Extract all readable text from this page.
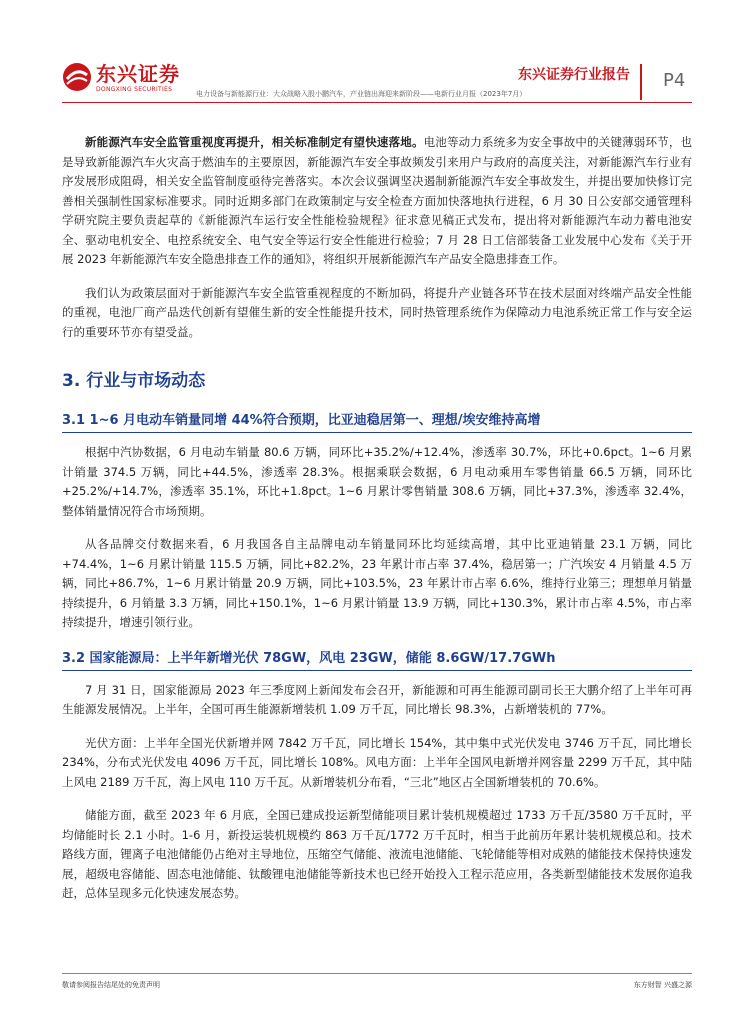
东兴证券
DONGXING SECURITIES
东兴证券行业报告
电力设备与新能源行业：大众战略入股小鹏汽车，产业链出海迎来新阶段——电新行业月报（2023年7月）
P4

新能源汽车安全监管重视度再提升，相关标准制定有望快速落地。电池等动力系统多为安全事故中的关键薄弱环节，也是导致新能源汽车火灾高于燃油车的主要原因，新能源汽车安全事故频发引来用户与政府的高度关注，对新能源汽车行业有序发展形成阻碍，相关安全监管制度亟待完善落实。本次会议强调坚决遏制新能源汽车安全事故发生，并提出要加快修订完善相关强制性国家标准要求。同时近期多部门在政策制定与安全检查方面加快落地执行进程，6 月 30 日公安部交通管理科学研究院主要负责起草的《新能源汽车运行安全性能检验规程》征求意见稿正式发布，提出将对新能源汽车动力蓄电池安全、驱动电机安全、电控系统安全、电气安全等运行安全性能进行检验；7 月 28 日工信部装备工业发展中心发布《关于开展 2023 年新能源汽车安全隐患排查工作的通知》，将组织开展新能源汽车产品安全隐患排查工作。

我们认为政策层面对于新能源汽车安全监管重视程度的不断加码，将提升产业链各环节在技术层面对终端产品安全性能的重视，电池厂商产品迭代创新有望催生新的安全性能提升技术，同时热管理系统作为保障动力电池系统正常工作与安全运行的重要环节亦有望受益。

3. 行业与市场动态
3.1 1~6 月电动车销量同增 44%符合预期，比亚迪稳居第一、理想/埃安维持高增

根据中汽协数据，6 月电动车销量 80.6 万辆，同环比+35.2%/+12.4%，渗透率 30.7%，环比+0.6pct。1~6 月累计销量 374.5 万辆，同比+44.5%，渗透率 28.3%。根据乘联会数据，6 月电动乘用车零售销量 66.5 万辆，同环比+25.2%/+14.7%，渗透率 35.1%，环比+1.8pct。1~6 月累计零售销量 308.6 万辆，同比+37.3%，渗透率 32.4%，整体销量情况符合市场预期。

从各品牌交付数据来看，6 月我国各自主品牌电动车销量同环比均延续高增，其中比亚迪销量 23.1 万辆，同比+74.4%，1~6 月累计销量 115.5 万辆，同比+82.2%，23 年累计市占率 37.4%，稳居第一；广汽埃安 4 月销量 4.5 万辆，同比+86.7%，1~6 月累计销量 20.9 万辆，同比+103.5%，23 年累计市占率 6.6%，维持行业第三；理想单月销量持续提升，6 月销量 3.3 万辆，同比+150.1%，1~6 月累计销量 13.9 万辆，同比+130.3%，累计市占率 4.5%，市占率持续提升，增速引领行业。

3.2 国家能源局：上半年新增光伏 78GW，风电 23GW，储能 8.6GW/17.7GWh

7 月 31 日，国家能源局 2023 年三季度网上新闻发布会召开，新能源和可再生能源司副司长王大鹏介绍了上半年可再生能源发展情况。上半年，全国可再生能源新增装机 1.09 万千瓦，同比增长 98.3%，占新增装机的 77%。

光伏方面：上半年全国光伏新增并网 7842 万千瓦，同比增长 154%，其中集中式光伏发电 3746 万千瓦，同比增长 234%，分布式光伏发电 4096 万千瓦，同比增长 108%。风电方面：上半年全国风电新增并网容量 2299 万千瓦，其中陆上风电 2189 万千瓦，海上风电 110 万千瓦。从新增装机分布看，“三北”地区占全国新增装机的 70.6%。

储能方面，截至 2023 年 6 月底，全国已建成投运新型储能项目累计装机规模超过 1733 万千瓦/3580 万千瓦时，平均储能时长 2.1 小时。1-6 月，新投运装机规模约 863 万千瓦/1772 万千瓦时，相当于此前历年累计装机规模总和。技术路线方面，锂离子电池储能仍占绝对主导地位，压缩空气储能、液流电池储能、飞轮储能等相对成熟的储能技术保持快速发展，超级电容储能、固态电池储能、钛酸锂电池储能等新技术也已经开始投入工程示范应用，各类新型储能技术发展你追我赶，总体呈现多元化快速发展态势。

敬请参阅报告结尾处的免责声明	东方财智 兴盛之源
